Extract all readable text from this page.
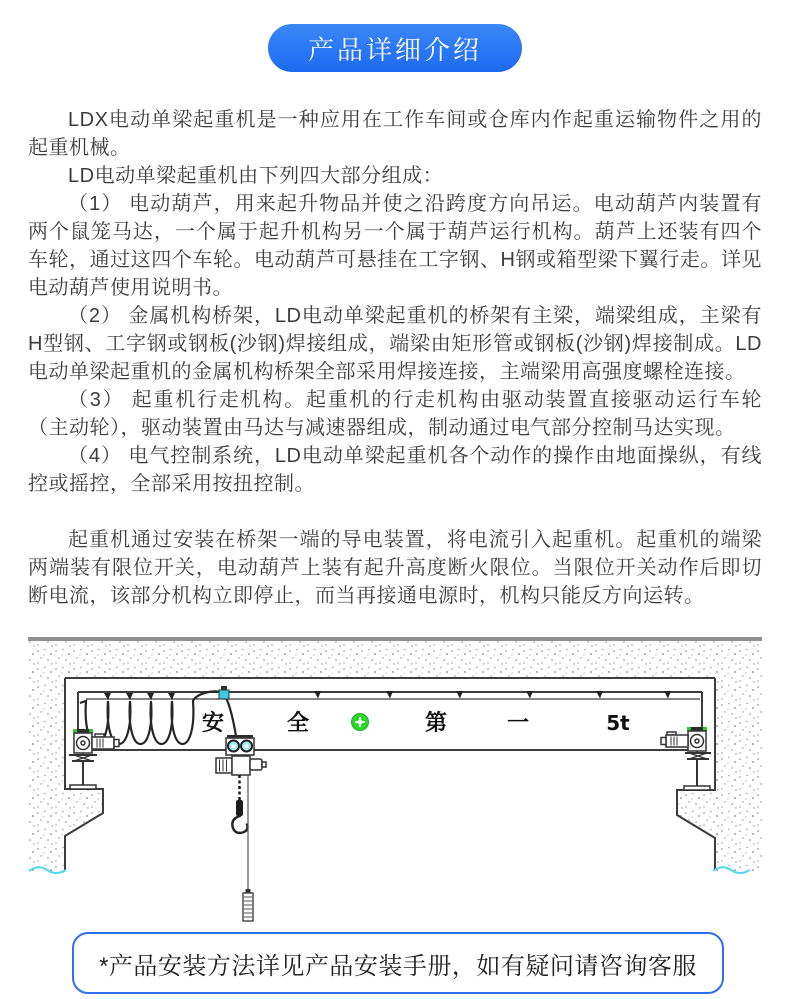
产品详细介绍

LDX电动单梁起重机是一种应用在工作车间或仓库内作起重运输物件之用的起重机械。

LD电动单梁起重机由下列四大部分组成：

（1） 电动葫芦，用来起升物品并使之沿跨度方向吊运。电动葫芦内装置有两个鼠笼马达，一个属于起升机构另一个属于葫芦运行机构。葫芦上还装有四个车轮，通过这四个车轮。电动葫芦可悬挂在工字钢、H钢或箱型梁下翼行走。详见电动葫芦使用说明书。

（2） 金属机构桥架，LD电动单梁起重机的桥架有主梁，端梁组成，主梁有H型钢、工字钢或钢板(沙钢)焊接组成，端梁由矩形管或钢板(沙钢)焊接制成。LD电动单梁起重机的金属机构桥架全部采用焊接连接，主端梁用高强度螺栓连接。

（3） 起重机行走机构。起重机的行走机构由驱动装置直接驱动运行车轮（主动轮），驱动装置由马达与减速器组成，制动通过电气部分控制马达实现。

（4） 电气控制系统，LD电动单梁起重机各个动作的操作由地面操纵，有线控或摇控，全部采用按扭控制。

起重机通过安装在桥架一端的导电装置，将电流引入起重机。起重机的端梁两端装有限位开关，电动葫芦上装有起升高度断火限位。当限位开关动作后即切断电流，该部分机构立即停止，而当再接通电源时，机构只能反方向运转。

安	全	第	一	5t
*产品安装方法详见产品安装手册，如有疑问请咨询客服
